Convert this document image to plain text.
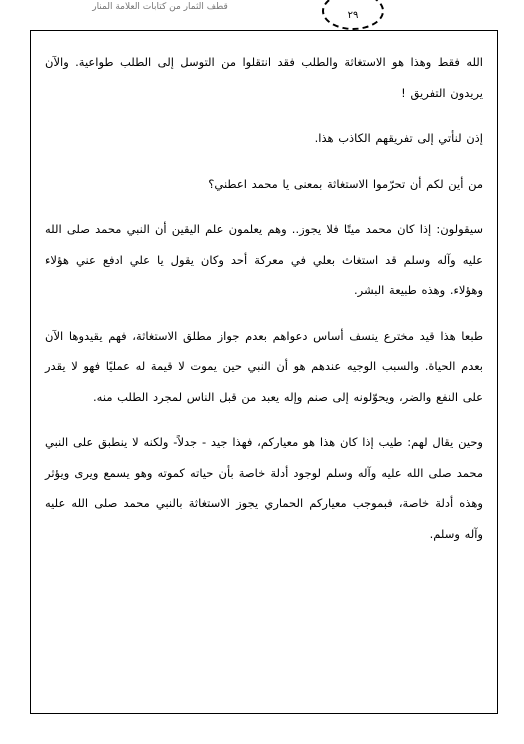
قطف الثمار من كتابات العلامة المنار
٢٩

الله فقط وهذا هو الاستغاثة والطلب فقد انتقلوا من التوسل إلى الطلب طواعية. والآن يريدون التفريق !

إذن لنأتي إلى تفريقهم الكاذب هذا.

من أين لكم أن تحرّموا الاستغاثة بمعنى يا محمد اعطني؟

سيقولون: إذا كان محمد ميتًا فلا يجوز.. وهم يعلمون علم اليقين أن النبي محمد صلى الله عليه وآله وسلم قد استغاث بعلي في معركة أحد وكان يقول يا علي ادفع عني هؤلاء وهؤلاء. وهذه طبيعة البشر.

طبعا هذا قيد مخترع ينسف أساس دعواهم بعدم جواز مطلق الاستغاثة، فهم يقيدوها الآن بعدم الحياة. والسبب الوجيه عندهم هو أن النبي حين يموت لا قيمة له عمليًا فهو لا يقدر على النفع والضر، ويحوّلونه إلى صنم وإله يعبد من قبل الناس لمجرد الطلب منه.

وحين يقال لهم: طيب إذا كان هذا هو معياركم، فهذا جيد - جدلاً- ولكنه لا ينطبق على النبي محمد صلى الله عليه وآله وسلم لوجود أدلة خاصة بأن حياته كموته وهو يسمع ويرى ويؤثر وهذه أدلة خاصة، فبموجب معياركم الحماري يجوز الاستغاثة بالنبي محمد صلى الله عليه وآله وسلم.
